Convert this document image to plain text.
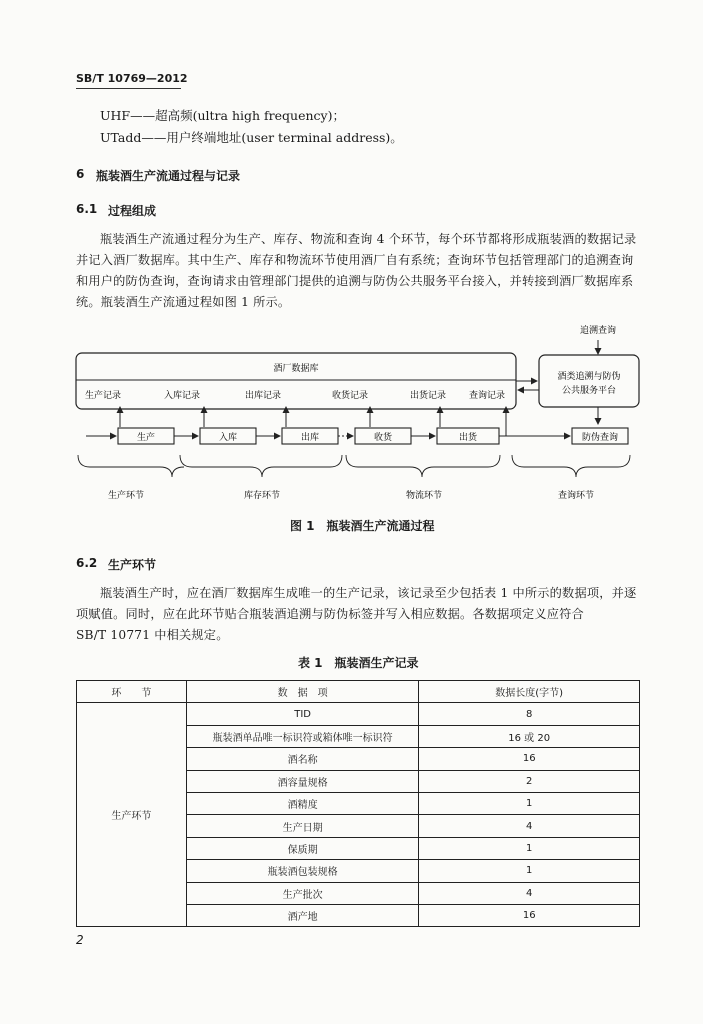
SB/T 10769—2012
UHF——超高频(ultra high frequency)；
UTadd——用户终端地址(user terminal address)。
6 瓶装酒生产流通过程与记录
6.1 过程组成
瓶装酒生产流通过程分为生产、库存、物流和查询 4 个环节，每个环节都将形成瓶装酒的数据记录
并记入酒厂数据库。其中生产、库存和物流环节使用酒厂自有系统；查询环节包括管理部门的追溯查询
和用户的防伪查询，查询请求由管理部门提供的追溯与防伪公共服务平台接入，并转接到酒厂数据库系
统。瓶装酒生产流通过程如图 1 所示。
酒厂数据库
生产记录	入库记录	出库记录	收货记录	出货记录	查询记录
酒类追溯与防伪
公共服务平台
追溯查询
生产	入库	出库	收货	出货	防伪查询
生产环节	库存环节	物流环节	查询环节
图 1　瓶装酒生产流通过程
6.2 生产环节
瓶装酒生产时，应在酒厂数据库生成唯一的生产记录，该记录至少包括表 1 中所示的数据项，并逐
项赋值。同时，应在此环节贴合瓶装酒追溯与防伪标签并写入相应数据。各数据项定义应符合
SB/T 10771 中相关规定。
表 1　瓶装酒生产记录
环　　节	数　据　项	数据长度(字节)
生产环节	TID	8
	瓶装酒单品唯一标识符或箱体唯一标识符	16 或 20
	酒名称	16
	酒容量规格	2
	酒精度	1
	生产日期	4
	保质期	1
	瓶装酒包装规格	1
	生产批次	4
	酒产地	16
2
